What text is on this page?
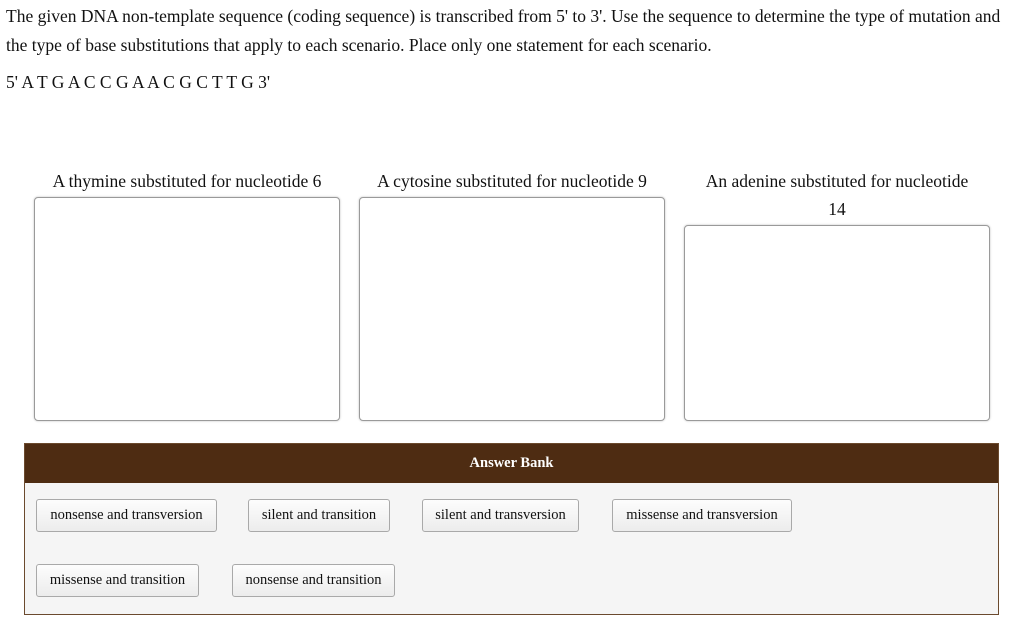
The given DNA non-template sequence (coding sequence) is transcribed from 5' to 3'. Use the sequence to determine the type of mutation and the type of base substitutions that apply to each scenario. Place only one statement for each scenario.

5' A T G A C C G A A C G C T T G 3'

A thymine substituted for nucleotide 6	A cytosine substituted for nucleotide 9	An adenine substituted for nucleotide 14
Answer Bank
nonsense and transversion	silent and transition	silent and transversion	missense and transversion
missense and transition	nonsense and transition
